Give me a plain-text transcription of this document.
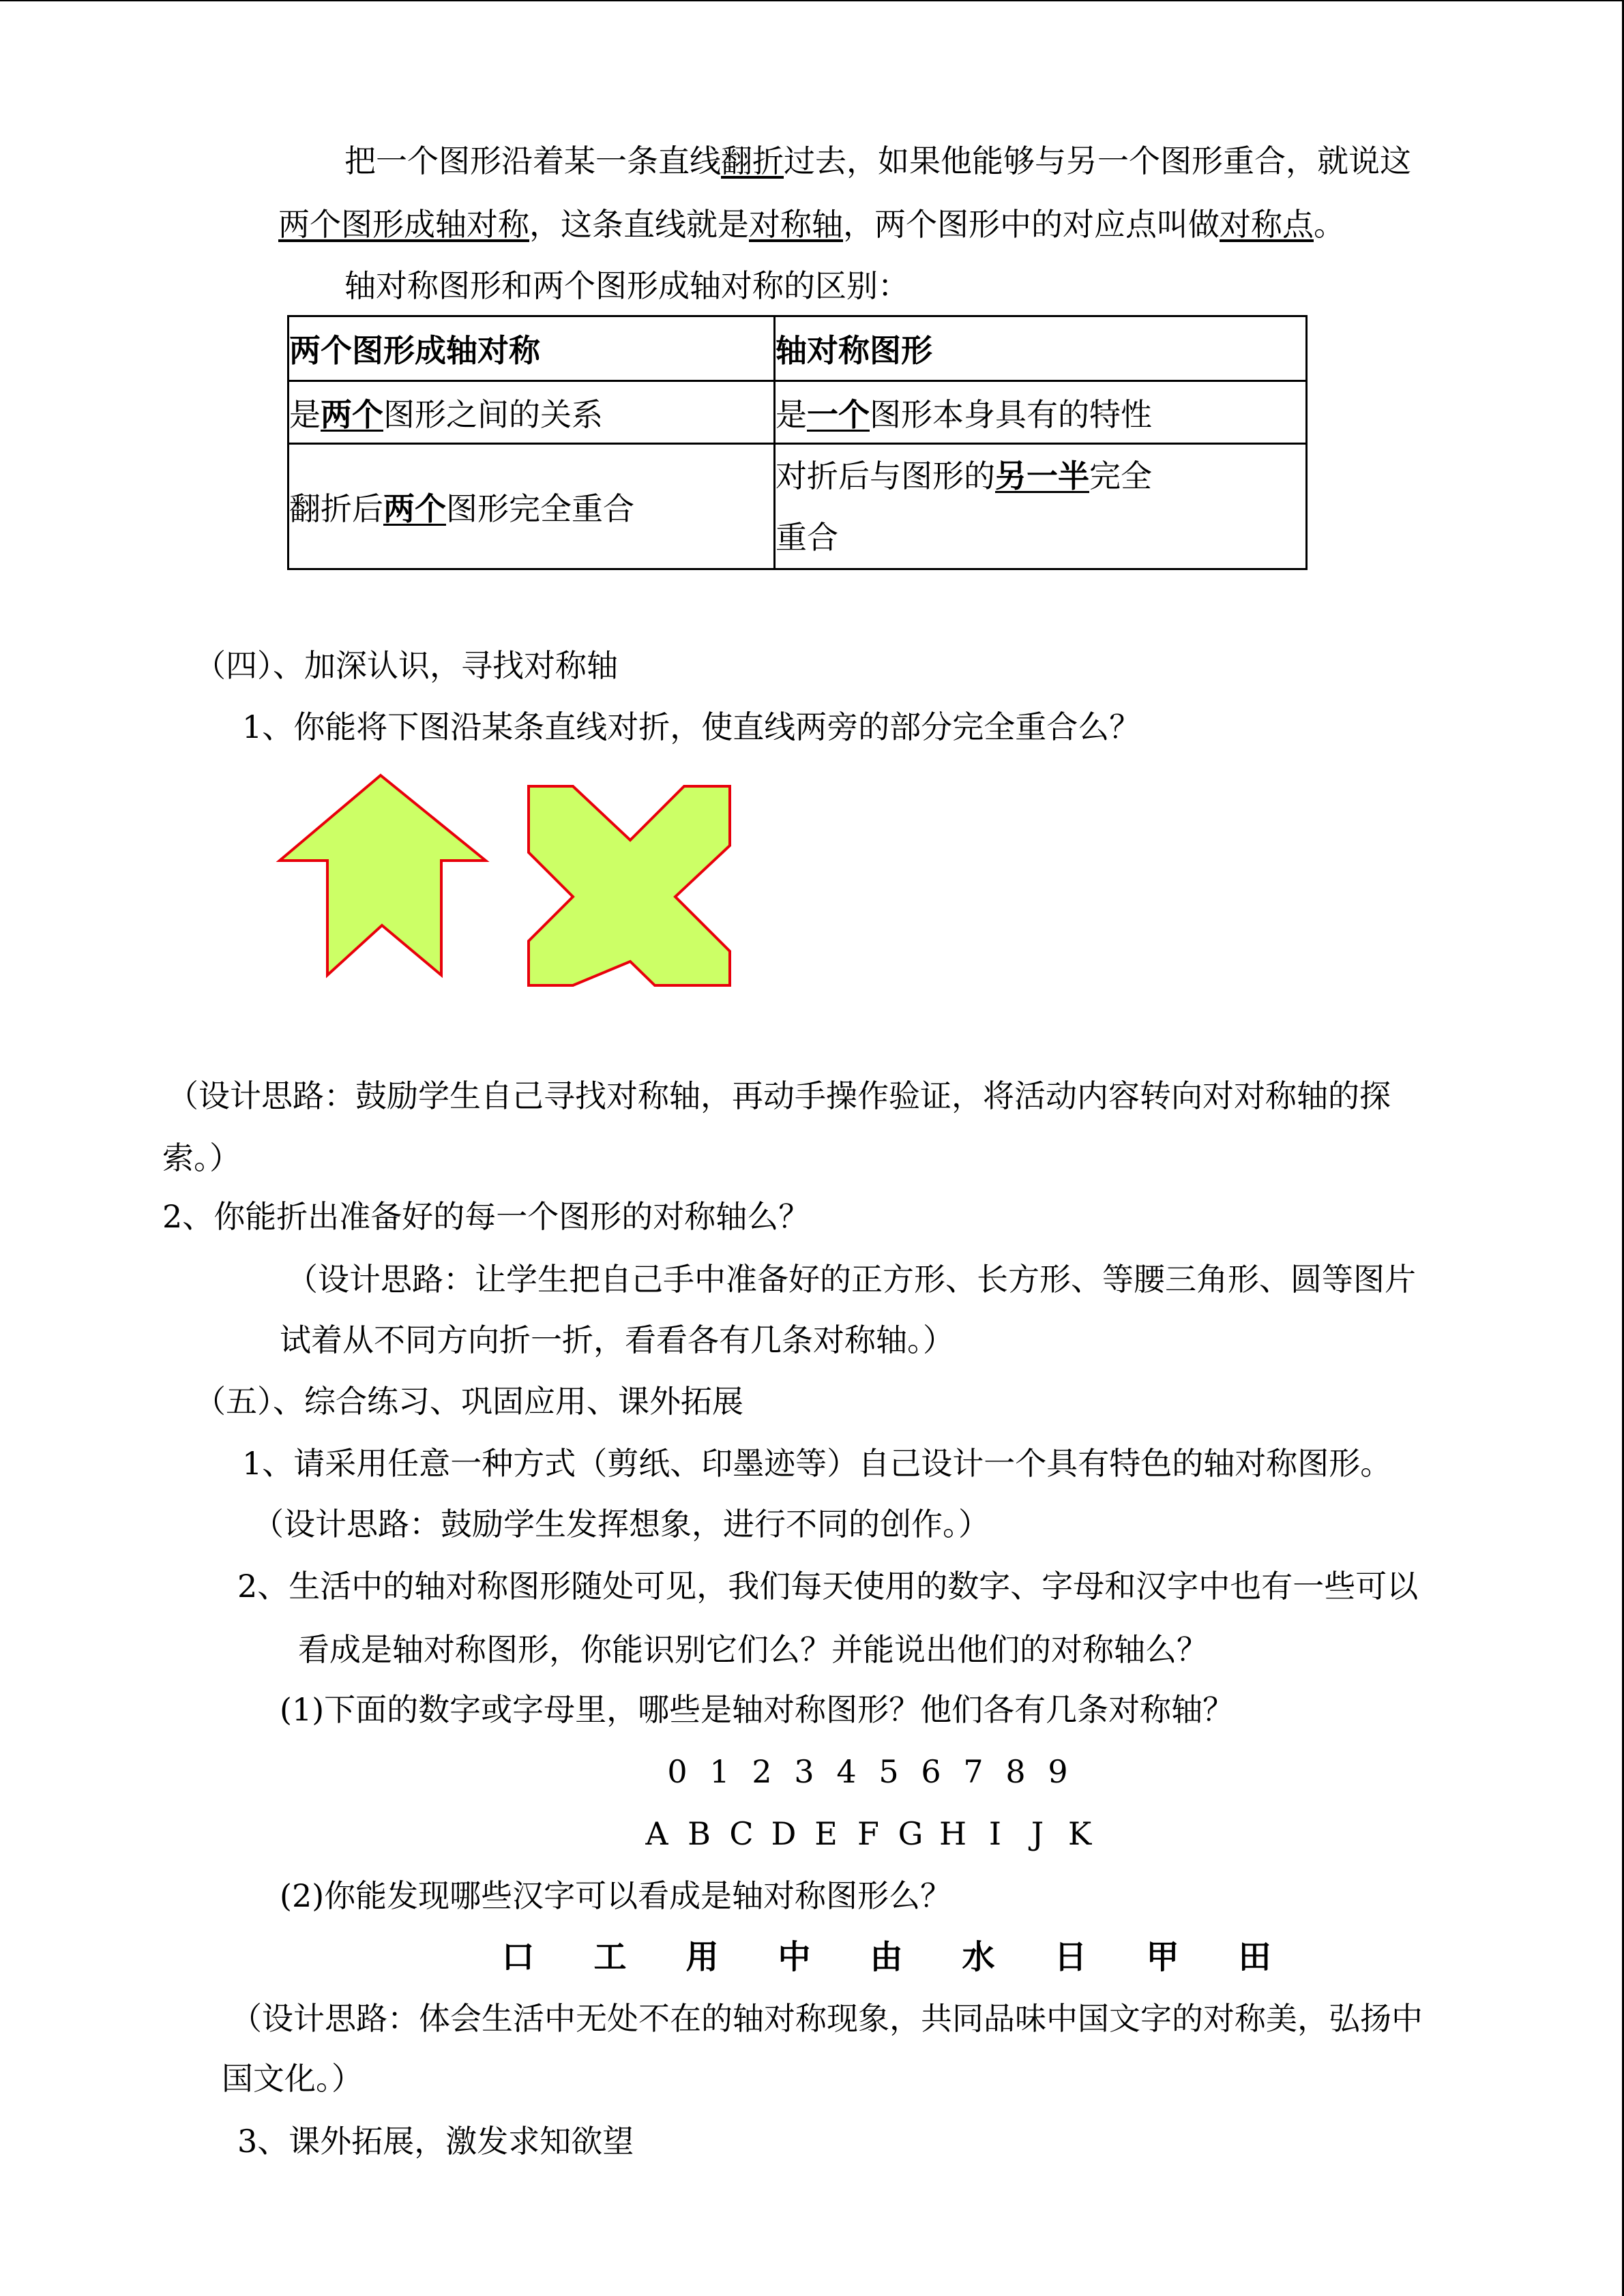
把一个图形沿着某一条直线翻折过去，如果他能够与另一个图形重合，就说这
两个图形成轴对称，这条直线就是对称轴，两个图形中的对应点叫做对称点。
轴对称图形和两个图形成轴对称的区别：
两个图形成轴对称	轴对称图形
是两个图形之间的关系	是一个图形本身具有的特性
翻折后两个图形完全重合	对折后与图形的另一半完全
重合
（四）、加深认识，寻找对称轴
1、你能将下图沿某条直线对折，使直线两旁的部分完全重合么？
（设计思路：鼓励学生自己寻找对称轴，再动手操作验证，将活动内容转向对对称轴的探
索。）
2、你能折出准备好的每一个图形的对称轴么？
（设计思路：让学生把自己手中准备好的正方形、长方形、等腰三角形、圆等图片
试着从不同方向折一折，看看各有几条对称轴。）
（五）、综合练习、巩固应用、课外拓展
1、请采用任意一种方式（剪纸、印墨迹等）自己设计一个具有特色的轴对称图形。
（设计思路：鼓励学生发挥想象，进行不同的创作。）
2、生活中的轴对称图形随处可见，我们每天使用的数字、字母和汉字中也有一些可以
看成是轴对称图形，你能识别它们么？并能说出他们的对称轴么？
(1)下面的数字或字母里，哪些是轴对称图形？他们各有几条对称轴？
0 1 2 3 4 5 6 7 8 9
A B C D E F G H I J K
(2)你能发现哪些汉字可以看成是轴对称图形么？
口 工 用 中 由 水 日 甲 田
（设计思路：体会生活中无处不在的轴对称现象，共同品味中国文字的对称美，弘扬中
国文化。）
3、课外拓展，激发求知欲望
